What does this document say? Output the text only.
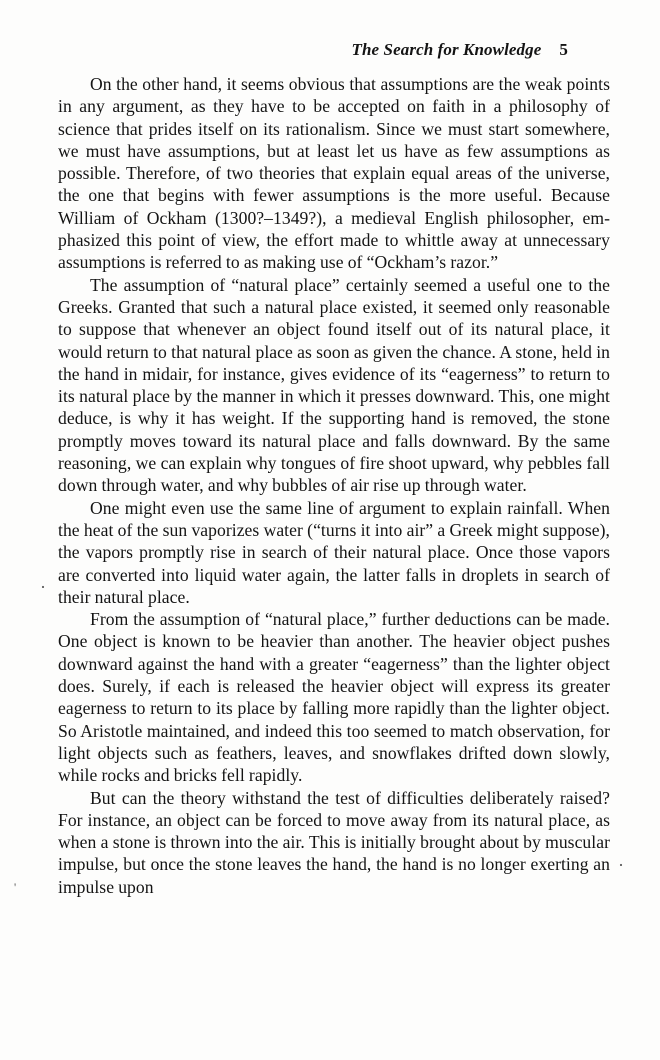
The Search for Knowledge 5

On the other hand, it seems obvious that assumptions are the weak points in any argument, as they have to be accepted on faith in a philosophy of science that prides itself on its rationalism. Since we must start somewhere, we must have assumptions, but at least let us have as few assumptions as possible. Therefore, of two theories that explain equal areas of the universe, the one that begins with fewer assumptions is the more useful. Because William of Ockham (1300?–1349?), a medieval English philosopher, emphasized this point of view, the effort made to whittle away at unnecessary assumptions is referred to as making use of “Ockham’s razor.”

The assumption of “natural place” certainly seemed a useful one to the Greeks. Granted that such a natural place existed, it seemed only reasonable to suppose that whenever an object found itself out of its natural place, it would return to that natural place as soon as given the chance. A stone, held in the hand in midair, for instance, gives evidence of its “eagerness” to return to its natural place by the manner in which it presses downward. This, one might deduce, is why it has weight. If the supporting hand is removed, the stone promptly moves toward its natural place and falls downward. By the same reasoning, we can explain why tongues of fire shoot upward, why pebbles fall down through water, and why bubbles of air rise up through water.

One might even use the same line of argument to explain rainfall. When the heat of the sun vaporizes water (“turns it into air” a Greek might suppose), the vapors promptly rise in search of their natural place. Once those vapors are converted into liquid water again, the latter falls in droplets in search of their natural place.

From the assumption of “natural place,” further deductions can be made. One object is known to be heavier than another. The heavier object pushes downward against the hand with a greater “eagerness” than the lighter object does. Surely, if each is released the heavier object will express its greater eagerness to return to its place by falling more rapidly than the lighter object. So Aristotle maintained, and indeed this too seemed to match observation, for light objects such as feathers, leaves, and snowflakes drifted down slowly, while rocks and bricks fell rapidly.

But can the theory withstand the test of difficulties deliberately raised? For instance, an object can be forced to move away from its natural place, as when a stone is thrown into the air. This is initially brought about by muscular impulse, but once the stone leaves the hand, the hand is no longer exerting an impulse upon

·
·
'
